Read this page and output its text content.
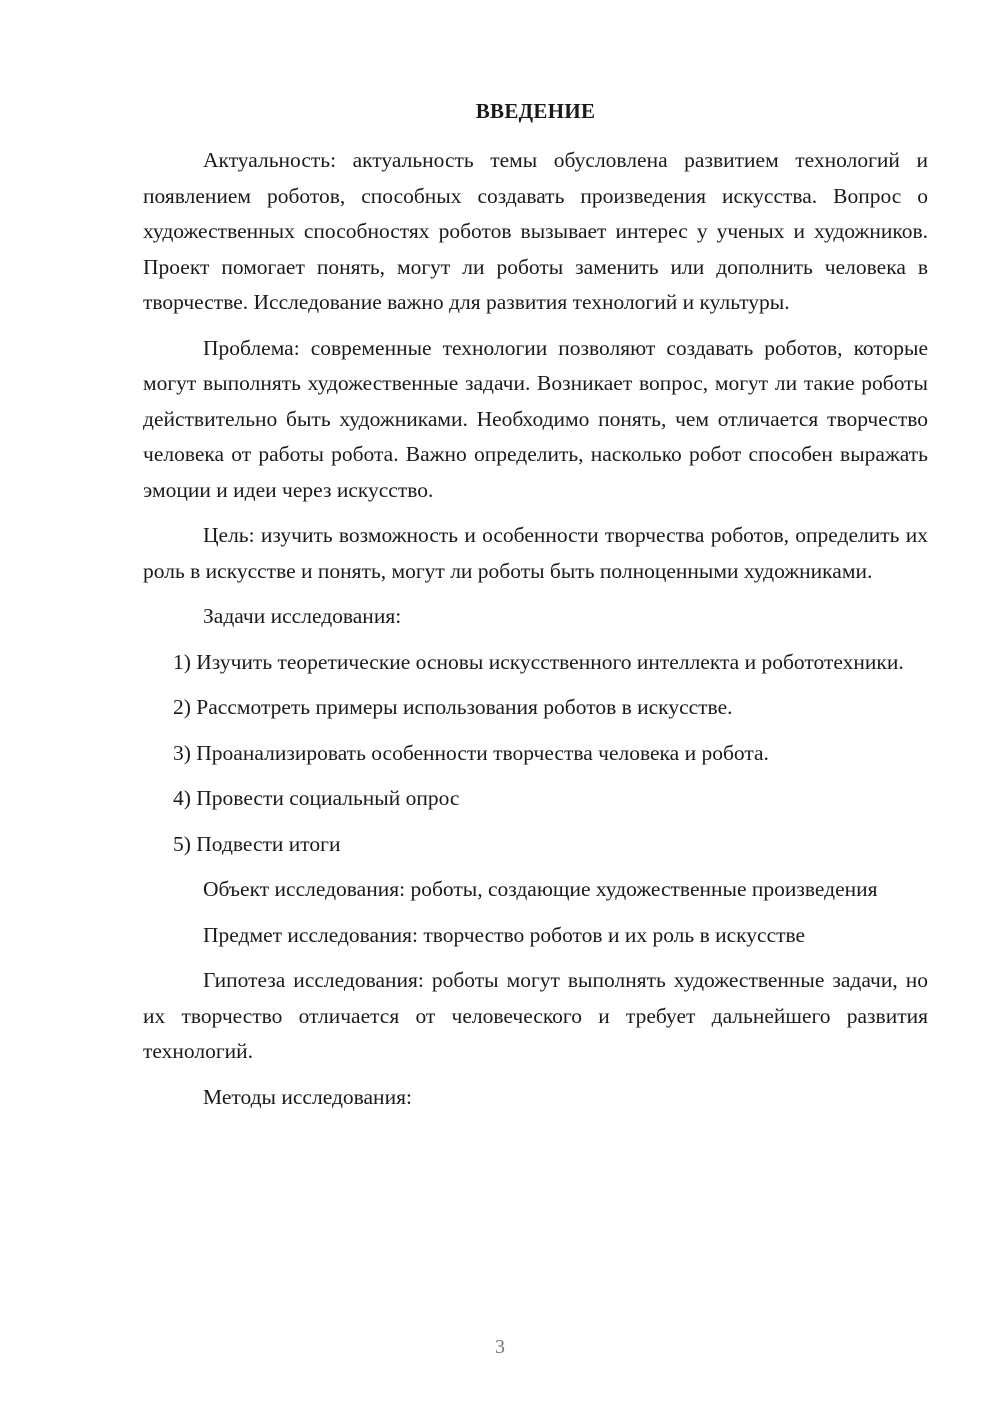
ВВЕДЕНИЕ

Актуальность: актуальность темы обусловлена развитием технологий и появлением роботов, способных создавать произведения искусства. Вопрос о художественных способностях роботов вызывает интерес у ученых и художников. Проект помогает понять, могут ли роботы заменить или дополнить человека в творчестве. Исследование важно для развития технологий и культуры.

Проблема: современные технологии позволяют создавать роботов, которые могут выполнять художественные задачи. Возникает вопрос, могут ли такие роботы действительно быть художниками. Необходимо понять, чем отличается творчество человека от работы робота. Важно определить, насколько робот способен выражать эмоции и идеи через искусство.

Цель: изучить возможность и особенности творчества роботов, определить их роль в искусстве и понять, могут ли роботы быть полноценными художниками.

Задачи исследования:

1) Изучить теоретические основы искусственного интеллекта и робототехники.

2) Рассмотреть примеры использования роботов в искусстве.

3) Проанализировать особенности творчества человека и робота.

4) Провести социальный опрос

5) Подвести итоги

Объект исследования: роботы, создающие художественные произведения

Предмет исследования: творчество роботов и их роль в искусстве

Гипотеза исследования: роботы могут выполнять художественные задачи, но их творчество отличается от человеческого и требует дальнейшего развития технологий.

Методы исследования:

3
